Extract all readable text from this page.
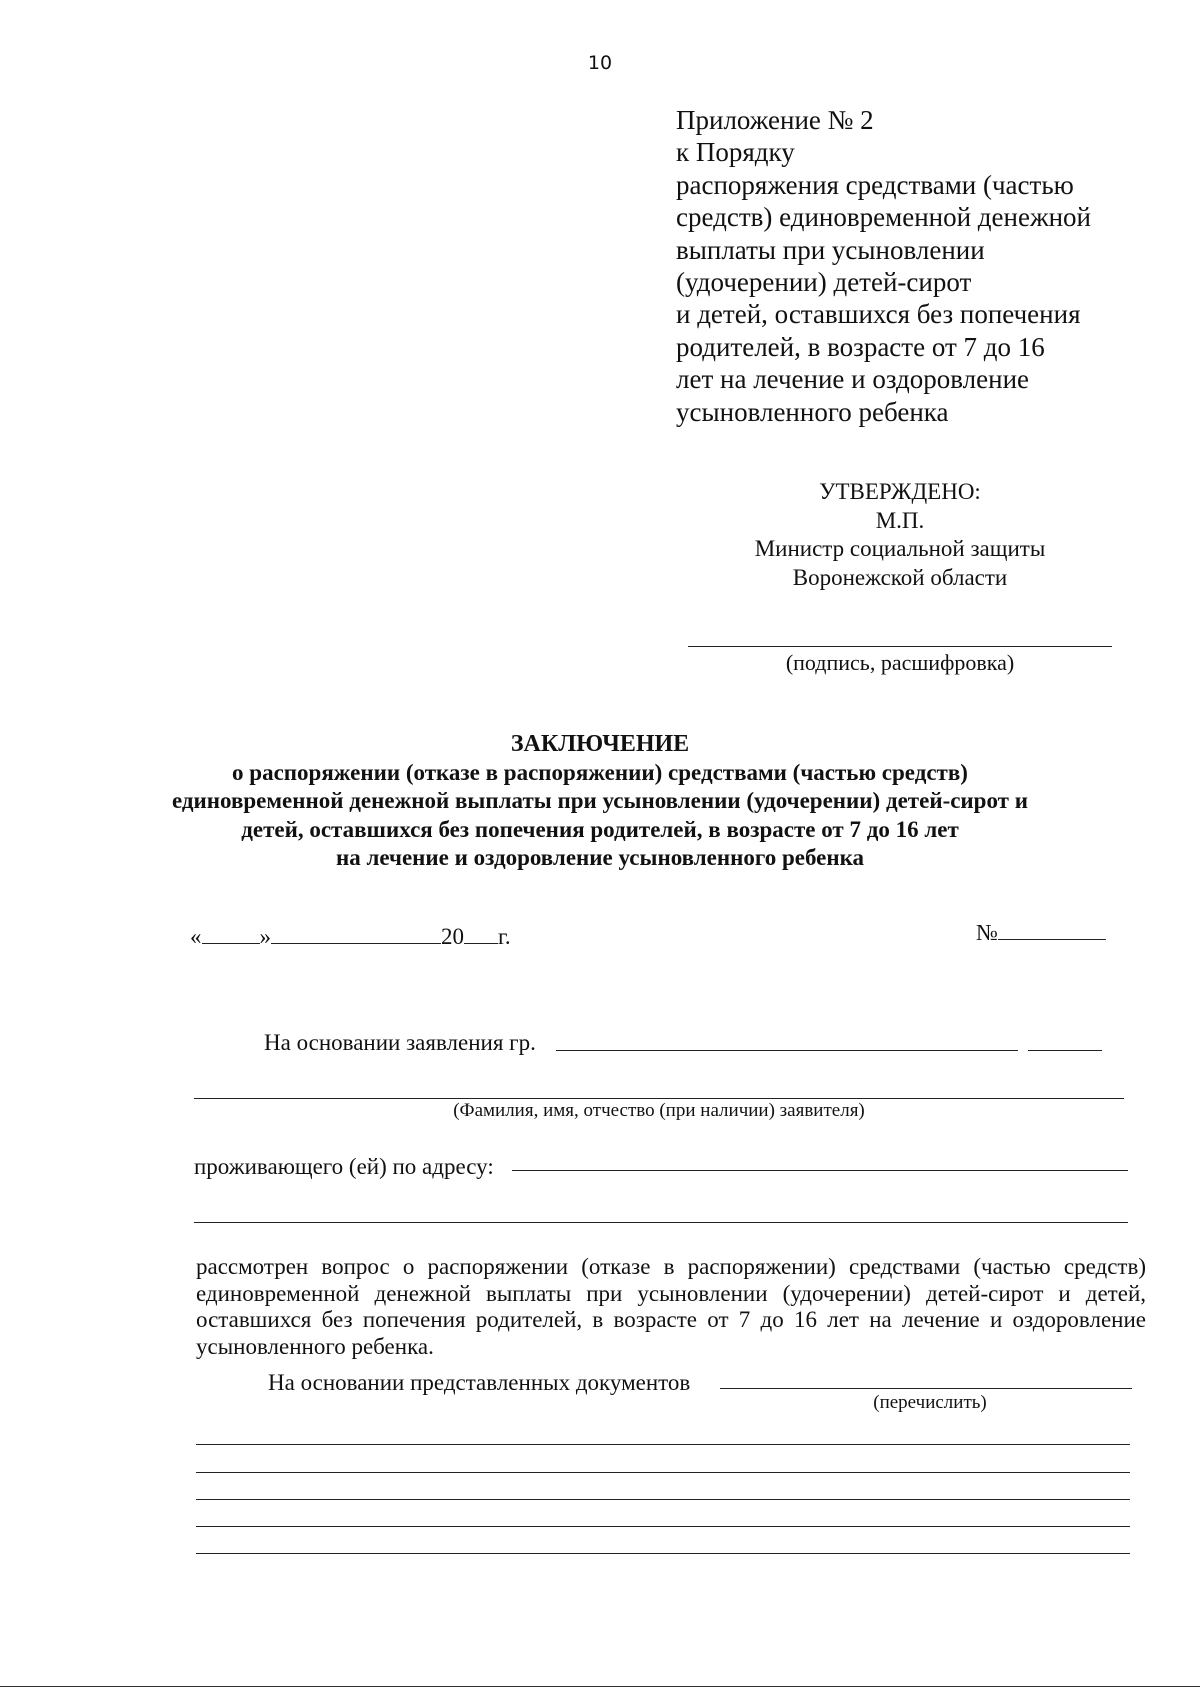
10
Приложение № 2
к Порядку
распоряжения средствами (частью
средств) единовременной денежной
выплаты при усыновлении
(удочерении) детей-сирот
и детей, оставшихся без попечения
родителей, в возрасте от 7 до 16
лет на лечение и оздоровление
усыновленного ребенка
УТВЕРЖДЕНО:
М.П.
Министр социальной защиты
Воронежской области
(подпись, расшифровка)
ЗАКЛЮЧЕНИЕ
о распоряжении (отказе в распоряжении) средствами (частью средств)
единовременной денежной выплаты при усыновлении (удочерении) детей-сирот и
детей, оставшихся без попечения родителей, в возрасте от 7 до 16 лет
на лечение и оздоровление усыновленного ребенка
«	»	20 г.	№
На основании заявления гр.
(Фамилия, имя, отчество (при наличии) заявителя)
проживающего (ей) по адресу:
рассмотрен вопрос о распоряжении (отказе в распоряжении) средствами (частью средств) единовременной денежной выплаты при усыновлении (удочерении) детей-сирот и детей, оставшихся без попечения родителей, в возрасте от 7 до 16 лет на лечение и оздоровление усыновленного ребенка.
На основании представленных документов
(перечислить)
